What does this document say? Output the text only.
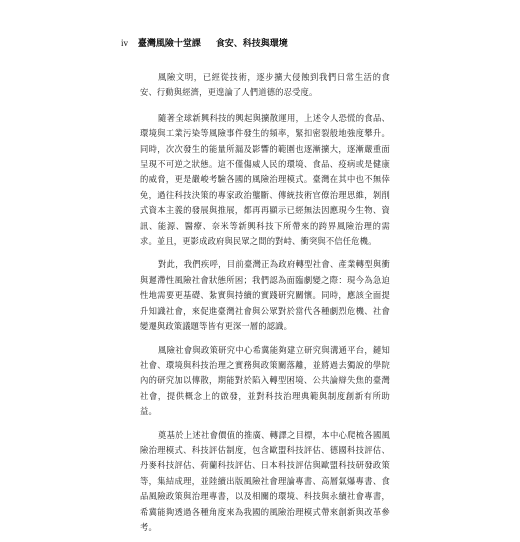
iv 臺灣風險十堂課 食安、科技與環境

風險文明，已經從技術，逐步擴大侵蝕到我們日常生活的食安、行動與經濟，更遑論了人們道德的忍受度。

隨著全球新興科技的興起與擴散運用，上述令人恐慌的食品、環境與工業污染等風險事件發生的頻率，緊扣密裂般地強度攀升。同時，次次發生的能量所漏及影響的範圍也逐漸擴大，逐漸嚴重面呈現不可逆之狀態。這不僅傷威人民的環境、食品、疫病或是健康的威脅，更是嚴峻考驗各國的風險治理模式。臺灣在其中也不無倖免，過往科技決策的專家政治壟斷、傳統技術官僚治理思維，剝削式資本主義的發展與推展，都再再顯示已經無法因應現今生物、資訊、能源、醫療、奈米等新興科技下所帶來的跨界風險治理的需求。並且，更影成政府與民眾之間的對峙、衝突與不信任危機。

對此，我們疾呼，目前臺灣正為政府轉型社會、產業轉型與衝與遲滯性風險社會狀態所困；我們認為面臨劇變之際：現今為急迫性地需要更基礎、紮實與持續的實踐研究關懷。同時，應該全面提升知識社會，來促進臺灣社會與公眾對於當代各種劇烈危機、社會變遷與政策議題等皆有更深一層的認識。

風險社會與政策研究中心希冀能夠建立研究與溝通平台，鏈知社會、環境與科技治理之實務與政策關落離，並將過去獨說的學院內的研究加以傳散，期能對於陷入轉型困境、公共論辯失焦的臺灣社會，提供概念上的啟發，並對科技治理典範與制度創新有所助益。

奠基於上述社會價值的推廣、轉譯之目標，本中心爬梳各國風險治理模式、科技評估制度，包含歐盟科技評估、德國科技評估、丹麥科技評估、荷蘭科技評估、日本科技評估與歐盟科技研發政策等，集結成理，並陸續出版風險社會理論專書、高層氣爆專書、食品風險政策與治理專書，以及相關的環境、科技與永續社會專書，希冀能夠透過各種角度來為我國的風險治理模式帶來創新與改革參考。
